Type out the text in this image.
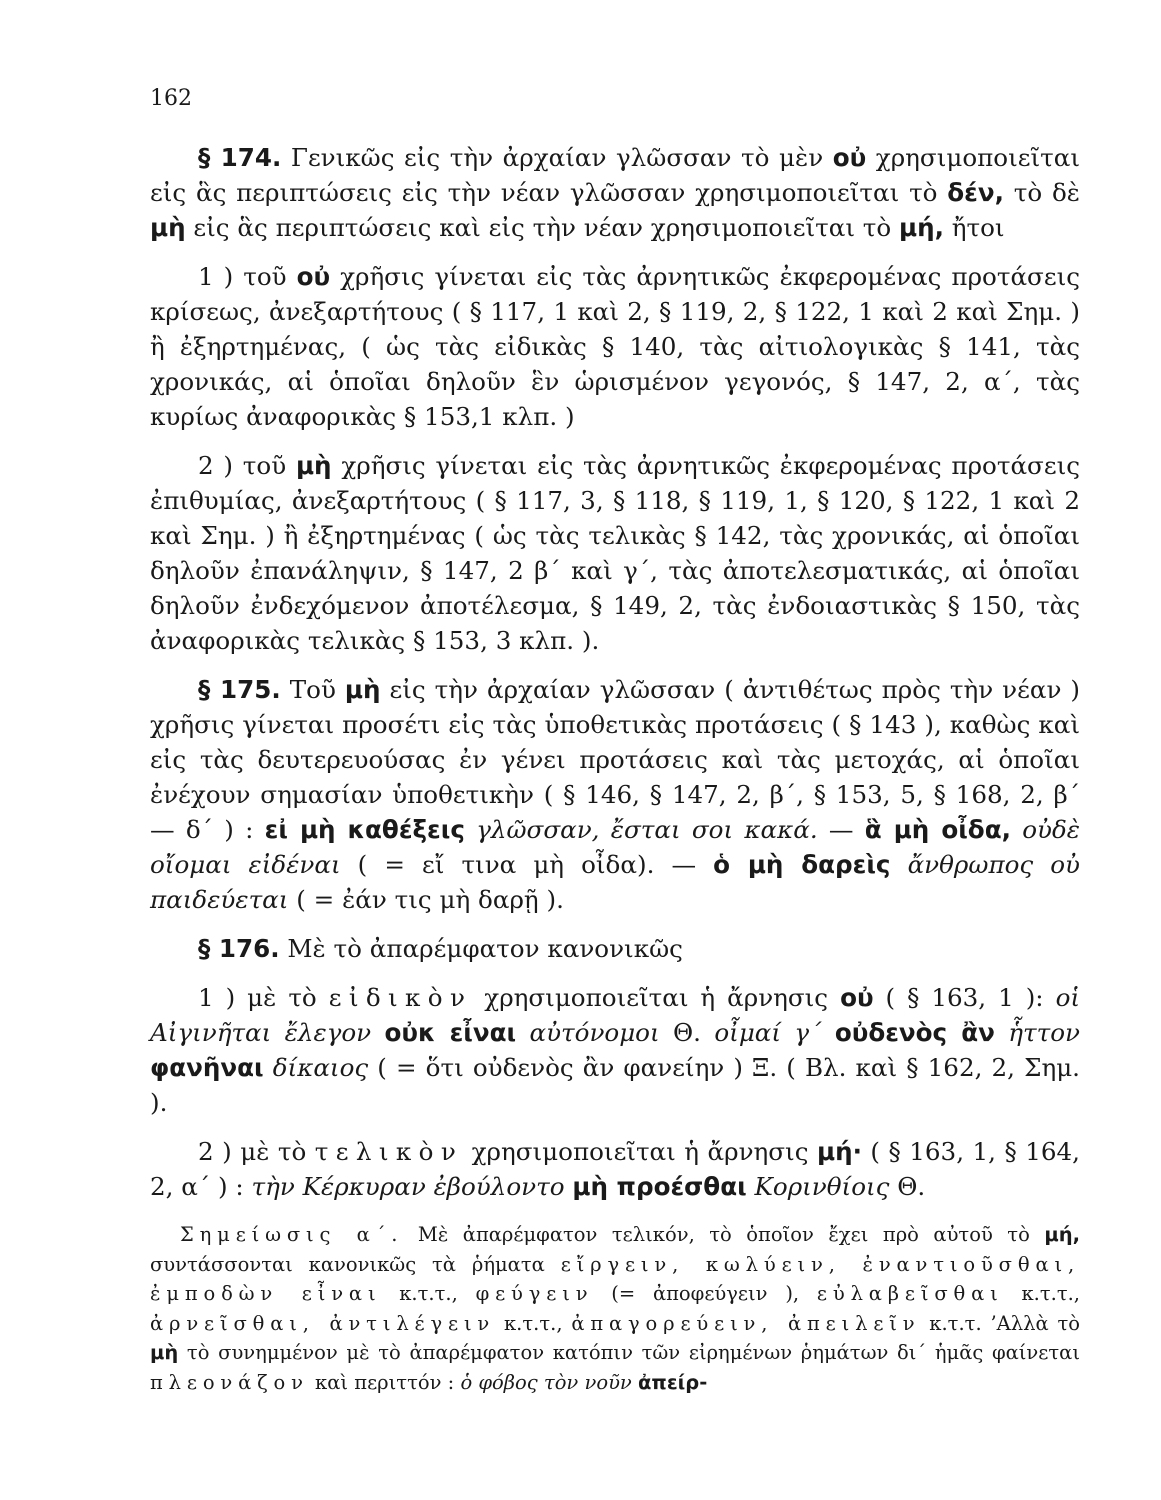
162

§ 174. Γενικῶς εἰς τὴν ἀρχαίαν γλῶσσαν τὸ μὲν οὐ χρησιμοποιεῖται εἰς ἃς περιπτώσεις εἰς τὴν νέαν γλῶσσαν χρησιμοποιεῖται τὸ δέν, τὸ δὲ μὴ εἰς ἃς περιπτώσεις καὶ εἰς τὴν νέαν χρησιμοποιεῖται τὸ μή, ἤτοι

1 ) τοῦ οὐ χρῆσις γίνεται εἰς τὰς ἀρνητικῶς ἐκφερομένας προτάσεις κρίσεως, ἀνεξαρτήτους ( § 117, 1 καὶ 2, § 119, 2, § 122, 1 καὶ 2 καὶ Σημ. ) ἢ ἐξηρτημένας, ( ὡς τὰς εἰδικὰς § 140, τὰς αἰτιολογικὰς § 141, τὰς χρονικάς, αἱ ὁποῖαι δηλοῦν ἓν ὡρισμένον γεγονός, § 147, 2, α΄, τὰς κυρίως ἀναφορικὰς § 153,1 κλπ. )

2 ) τοῦ μὴ χρῆσις γίνεται εἰς τὰς ἀρνητικῶς ἐκφερομένας προτάσεις ἐπιθυμίας, ἀνεξαρτήτους ( § 117, 3, § 118, § 119, 1, § 120, § 122, 1 καὶ 2 καὶ Σημ. ) ἢ ἐξηρτημένας ( ὡς τὰς τελικὰς § 142, τὰς χρονικάς, αἱ ὁποῖαι δηλοῦν ἐπανάληψιν, § 147, 2 β΄ καὶ γ΄, τὰς ἀποτελεσματικάς, αἱ ὁποῖαι δηλοῦν ἐνδεχόμενον ἀποτέλεσμα, § 149, 2, τὰς ἐνδοιαστικὰς § 150, τὰς ἀναφορικὰς τελικὰς § 153, 3 κλπ. ).

§ 175. Τοῦ μὴ εἰς τὴν ἀρχαίαν γλῶσσαν ( ἀντιθέτως πρὸς τὴν νέαν ) χρῆσις γίνεται προσέτι εἰς τὰς ὑποθετικὰς προτάσεις ( § 143 ), καθὼς καὶ εἰς τὰς δευτερευούσας ἐν γένει προτάσεις καὶ τὰς μετοχάς, αἱ ὁποῖαι ἐνέχουν σημασίαν ὑποθετικὴν ( § 146, § 147, 2, β΄, § 153, 5, § 168, 2, β΄ — δ΄ ) : εἰ μὴ καθέξεις γλῶσσαν, ἔσται σοι κακά. — ἃ μὴ οἶδα, οὐδὲ οἴομαι εἰδέναι ( = εἴ τινα μὴ οἶδα). — ὁ μὴ δαρεὶς ἄνθρωπος οὐ παιδεύεται ( = ἐάν τις μὴ δαρῇ ).

§ 176. Μὲ τὸ ἀπαρέμφατον κανονικῶς

1 ) μὲ τὸ εἰδικὸν χρησιμοποιεῖται ἡ ἄρνησις οὐ ( § 163, 1 ): οἱ Αἰγινῆται ἔλεγον οὐκ εἶναι αὐτόνομοι Θ. οἶμαί γ΄ οὐδενὸς ἂν ἧττον φανῆναι δίκαιος ( = ὅτι οὐδενὸς ἂν φανείην ) Ξ. ( Βλ. καὶ § 162, 2, Σημ. ).

2 ) μὲ τὸ τελικὸν χρησιμοποιεῖται ἡ ἄρνησις μή· ( § 163, 1, § 164, 2, α΄ ) : τὴν Κέρκυραν ἐβούλοντο μὴ προέσθαι Κορινθίοις Θ.

Σημείωσις α΄. Μὲ ἀπαρέμφατον τελικόν, τὸ ὁποῖον ἔχει πρὸ αὐτοῦ τὸ μή, συντάσσονται κανονικῶς τὰ ῥήματα εἴργειν, κωλύειν, ἐναντιοῦσθαι, ἐμποδὼν εἶναι κ.τ.τ., φεύγειν (= ἀποφεύγειν ), εὐλαβεῖσθαι κ.τ.τ., ἀρνεῖσθαι, ἀντιλέγειν κ.τ.τ., ἀπαγορεύειν, ἀπειλεῖν κ.τ.τ. ’Αλλὰ τὸ μὴ τὸ συνημμένον μὲ τὸ ἀπαρέμφατον κατόπιν τῶν εἰρημένων ῥημάτων δι΄ ἡμᾶς φαίνεται πλεονάζον καὶ περιττόν : ὁ φόβος τὸν νοῦν ἀπείρ-
